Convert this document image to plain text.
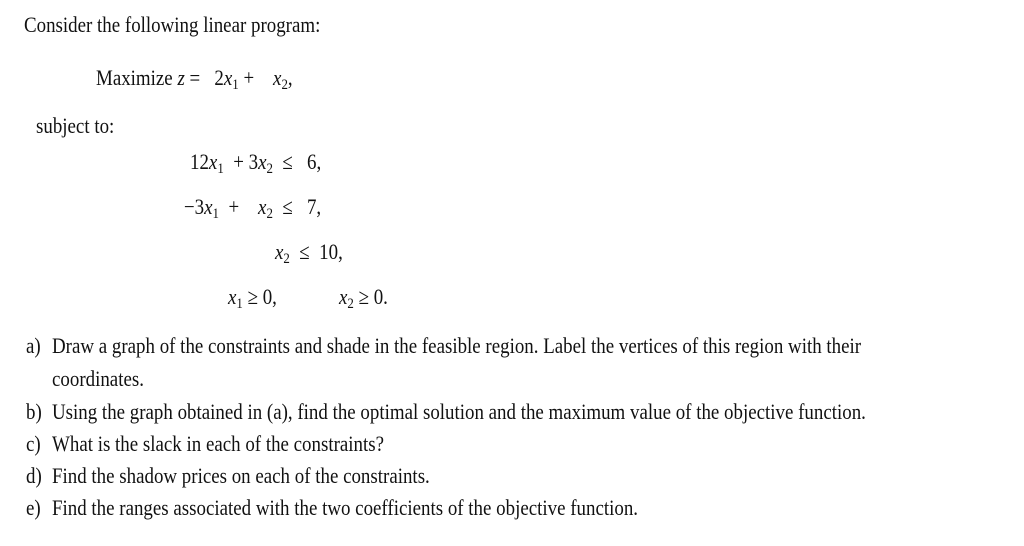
Consider the following linear program:
Maximize z = 2x1 + x2,
subject to:
12x1 + 3x2 ≤ 6,
−3x1 + x2 ≤ 7,
x2 ≤ 10,
x1 ≥ 0,	x2 ≥ 0.
a) Draw a graph of the constraints and shade in the feasible region. Label the vertices of this region with their
coordinates.
b) Using the graph obtained in (a), find the optimal solution and the maximum value of the objective function.
c) What is the slack in each of the constraints?
d) Find the shadow prices on each of the constraints.
e) Find the ranges associated with the two coefficients of the objective function.
